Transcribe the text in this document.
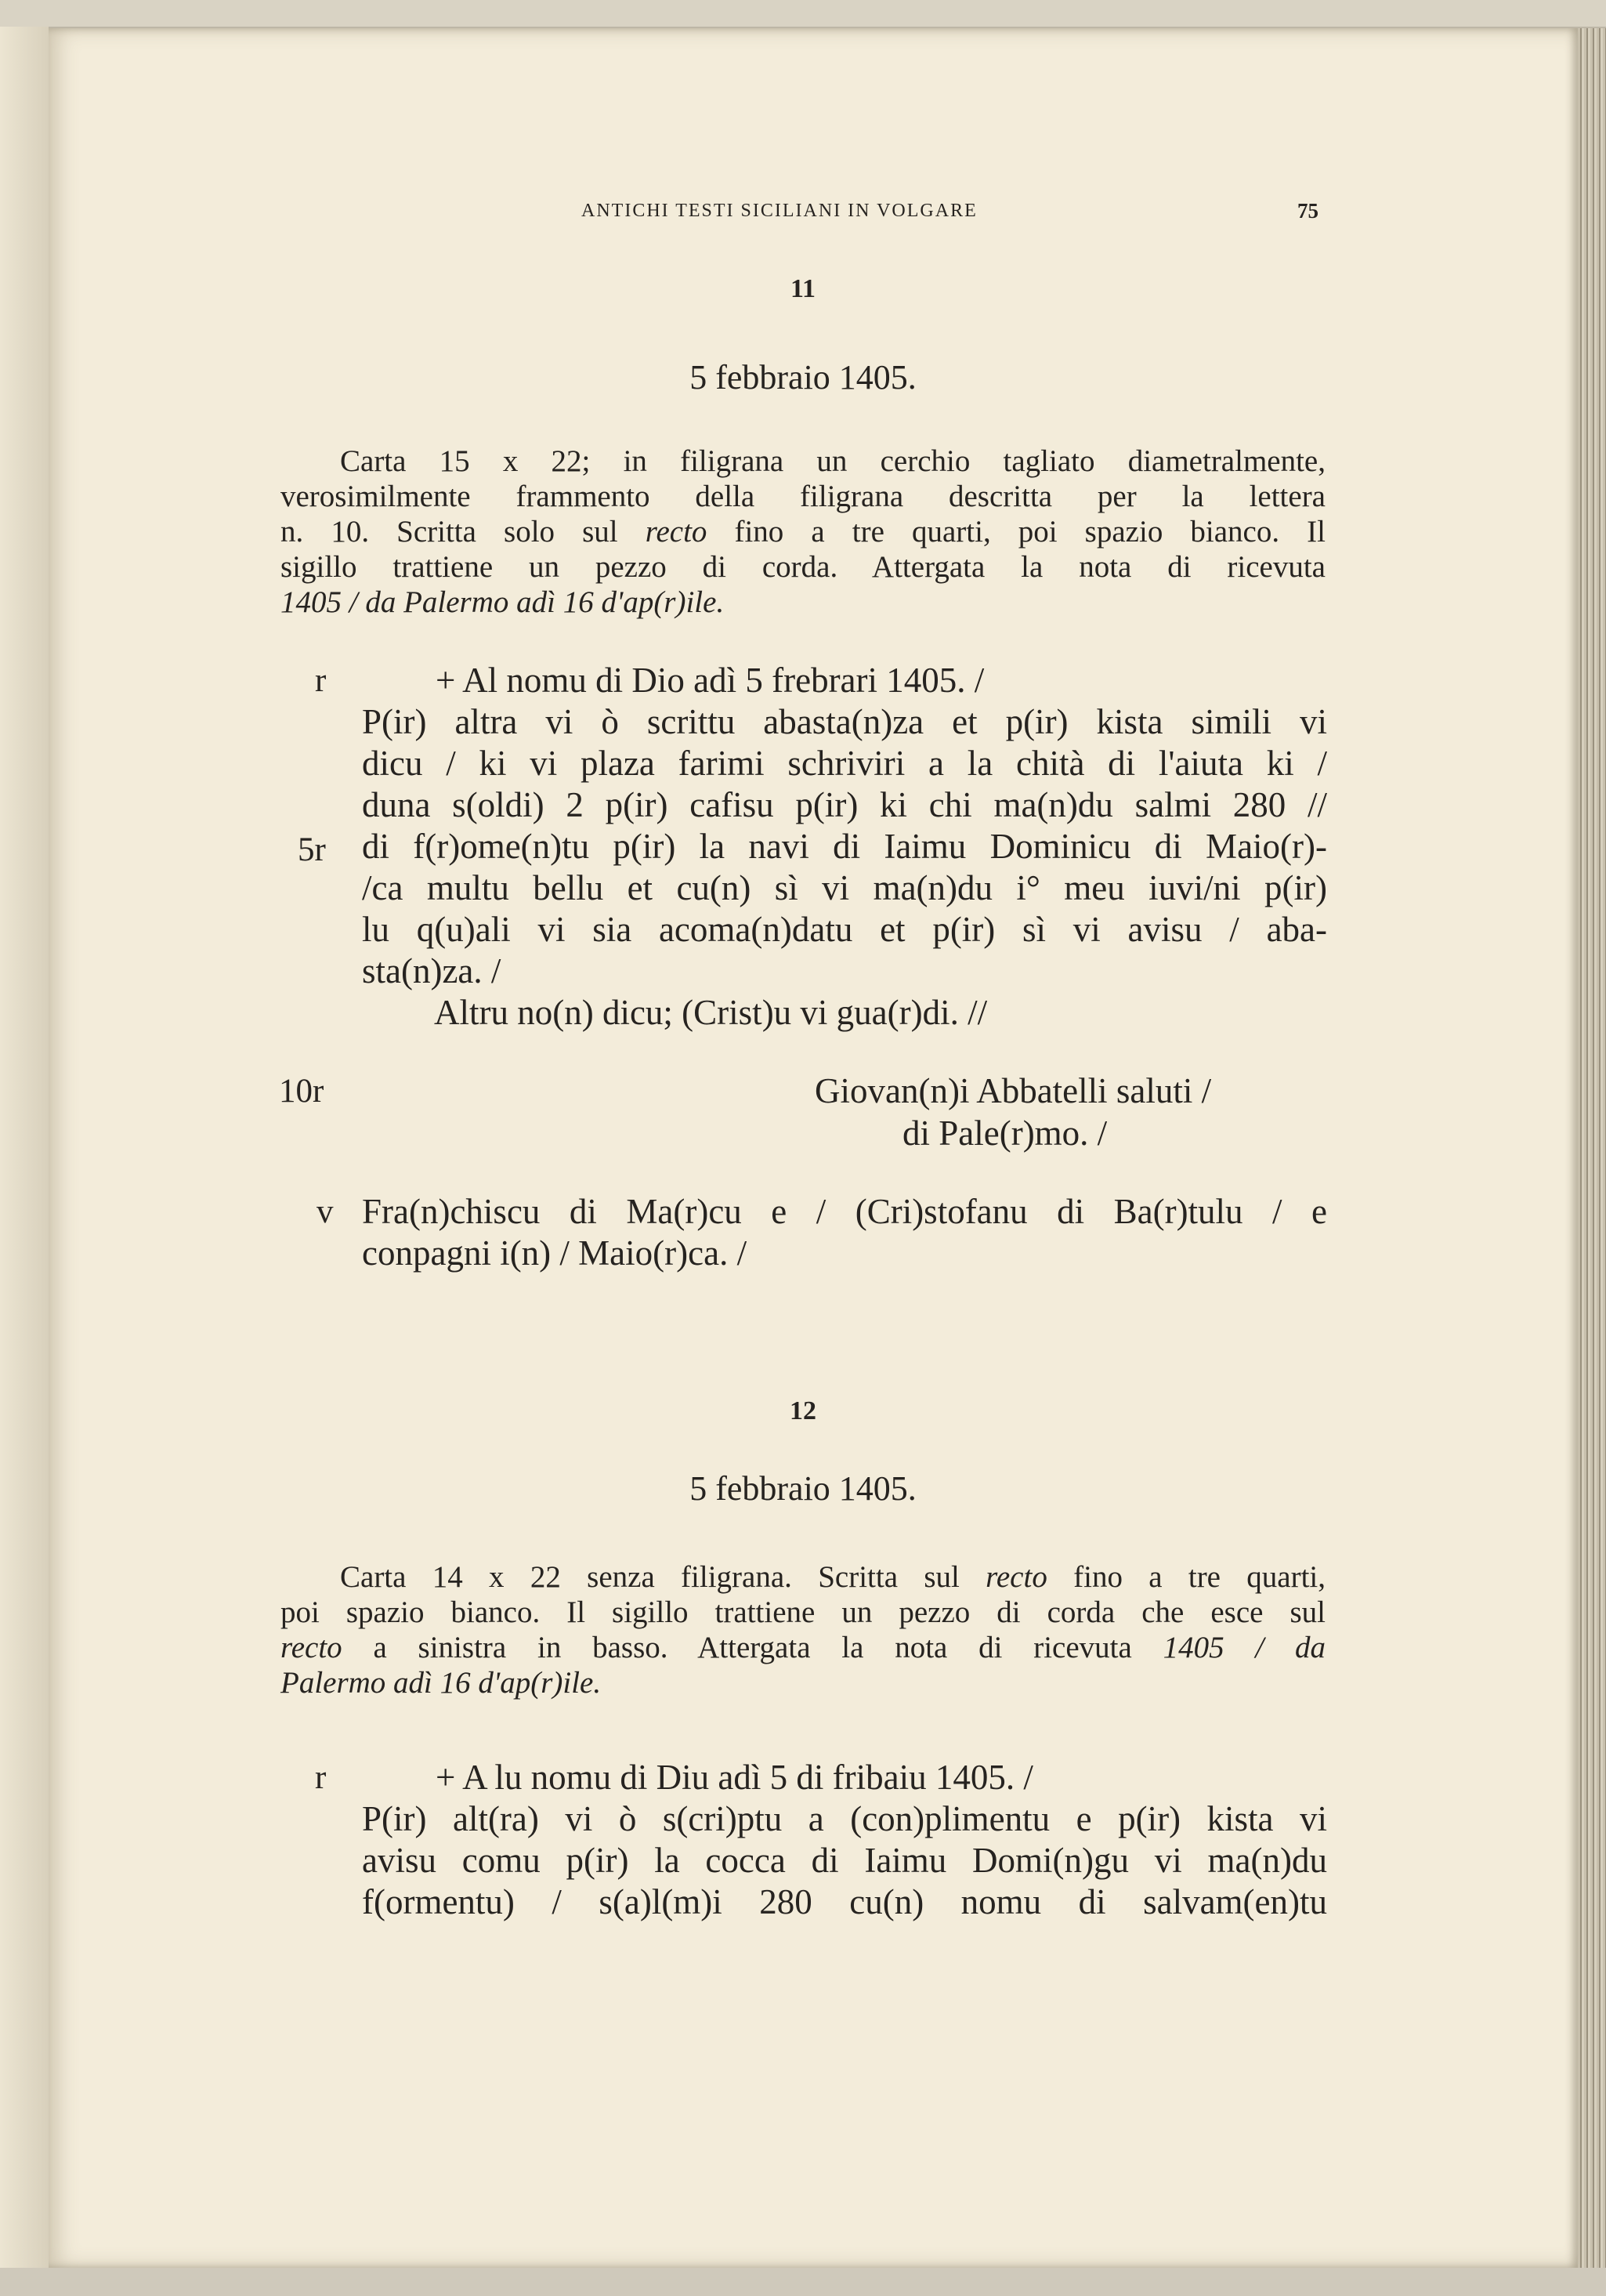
ANTICHI TESTI SICILIANI IN VOLGARE	75
11
5 febbraio 1405.
Carta 15 x 22; in filigrana un cerchio tagliato diametralmente,
verosimilmente frammento della filigrana descritta per la lettera
n. 10. Scritta solo sul recto fino a tre quarti, poi spazio bianco. Il
sigillo trattiene un pezzo di corda. Attergata la nota di ricevuta
1405 / da Palermo adì 16 d'ap(r)ile.
r
5r
10r
v
+ Al nomu di Dio adì 5 frebrari 1405. /
P(ir) altra vi ò scrittu abasta(n)za et p(ir) kista simili vi
dicu / ki vi plaza farimi schriviri a la chità di l'aiuta ki /
duna s(oldi) 2 p(ir) cafisu p(ir) ki chi ma(n)du salmi 280 //
di f(r)ome(n)tu p(ir) la navi di Iaimu Dominicu di Maio(r)-
/ca multu bellu et cu(n) sì vi ma(n)du i° meu iuvi/ni p(ir)
lu q(u)ali vi sia acoma(n)datu et p(ir) sì vi avisu / aba-
sta(n)za. /
Altru no(n) dicu; (Crist)u vi gua(r)di. //
Giovan(n)i Abbatelli saluti /
di Pale(r)mo. /
Fra(n)chiscu di Ma(r)cu e / (Cri)stofanu di Ba(r)tulu / e
conpagni i(n) / Maio(r)ca. /
12
5 febbraio 1405.
Carta 14 x 22 senza filigrana. Scritta sul recto fino a tre quarti,
poi spazio bianco. Il sigillo trattiene un pezzo di corda che esce sul
recto a sinistra in basso. Attergata la nota di ricevuta 1405 / da
Palermo adì 16 d'ap(r)ile.
r	+ A lu nomu di Diu adì 5 di fribaiu 1405. /
P(ir) alt(ra) vi ò s(cri)ptu a (con)plimentu e p(ir) kista vi
avisu comu p(ir) la cocca di Iaimu Domi(n)gu vi ma(n)du
f(ormentu) / s(a)l(m)i 280 cu(n) nomu di salvam(en)tu
